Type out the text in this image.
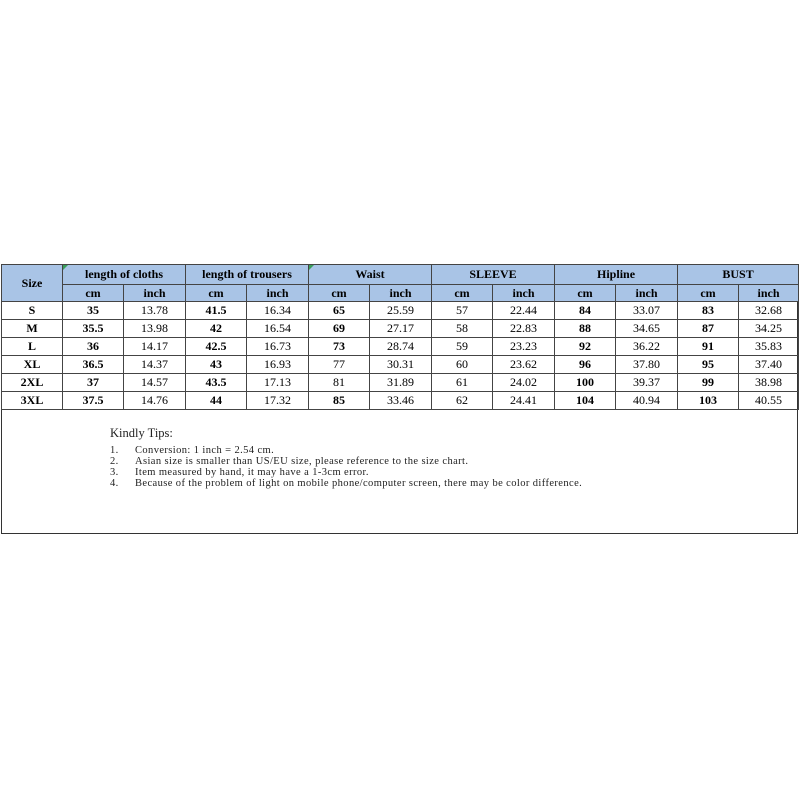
Size	length of cloths		length of trousers		Waist		SLEEVE		Hipline		BUST	
	cm	inch	cm	inch	cm	inch	cm	inch	cm	inch	cm	inch
S	35	13.78	41.5	16.34	65	25.59	57	22.44	84	33.07	83	32.68
M	35.5	13.98	42	16.54	69	27.17	58	22.83	88	34.65	87	34.25
L	36	14.17	42.5	16.73	73	28.74	59	23.23	92	36.22	91	35.83
XL	36.5	14.37	43	16.93	77	30.31	60	23.62	96	37.80	95	37.40
2XL	37	14.57	43.5	17.13	81	31.89	61	24.02	100	39.37	99	38.98
3XL	37.5	14.76	44	17.32	85	33.46	62	24.41	104	40.94	103	40.55
Kindly Tips:
1.	Conversion: 1 inch = 2.54 cm.
2.	Asian size is smaller than US/EU size, please reference to the size chart.
3.	Item measured by hand, it may have a 1-3cm error.
4.	Because of the problem of light on mobile phone/computer screen, there may be color difference.
